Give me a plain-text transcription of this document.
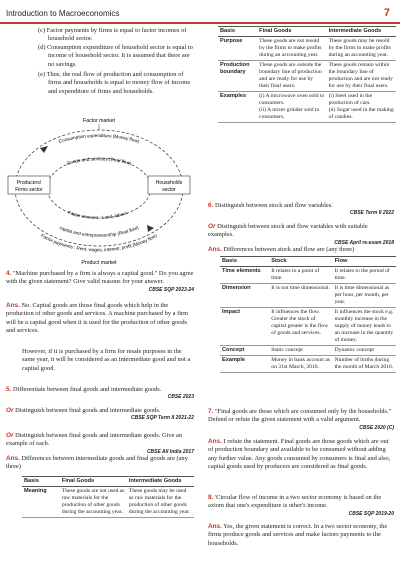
Introduction to Macroeconomics	7
(c) Factor payments by firms is equal to factor incomes of household sector.
(d) Consumption expenditure of household sector is equal to income of household sector. It is assumed that there are no savings.
(e) Thus, the real flow of production and consumption of firms and households is equal to money flow of income and expenditure of firms and households.
Producers/
Firms sector
Households
sector
Factor market
Consumption expenditure (Money flow)
Goods and services (Real flow)
Factor services : Land, labour,
capital and entrepreneurship (Real flow)
Factor payments : Rent, wages, interest, profit (Money flow)
Product market
4. "Machine purchased by a firm is always a capital good." Do you agree with the given statement? Give valid reasons for your answer.
CBSE SQP 2023-24
Ans. No. Capital goods are those final goods which help in the production of other goods and services. A machine purchased by a firm will be a capital good when it is used for the production of other goods and services.
However, if it is purchased by a firm for resale purposes in the same year, it will be considered as an intermediate good and not a capital good.
5. Differentiate between final goods and intermediate goods.
CBSE 2023
Or Distinguish between final goods and intermediate goods.
CBSE SQP Term II 2021-22
Or Distinguish between final goods and intermediate goods. Give an example of each.
CBSE All India 2017
Ans. Differences between intermediate goods and final goods are (any three)
Basis	Final Goods	Intermediate Goods
Meaning	These goods are not used as raw materials for the production of other goods during the accounting year.	These goods may be used as raw materials for the production of other goods during the accounting year.
Basis	Final Goods	Intermediate Goods
Purpose	These goods are not resold by the firms to make profits during an accounting year.	These goods may be resold by the firms to make profits during an accounting year.
Production boundary	These goods are outside the boundary line of production and are ready for use by their final users.	These goods remain within the boundary line of production and are not ready for use by their final users.
Examples	(i) A microwave oven sold to consumers.
(ii) A mixer grinder sold to consumers.	(i) Steel used in the production of cars.
(ii) Sugar used in the making of candies.
6. Distinguish between stock and flow variables.
CBSE Term II 2022
Or Distinguish between stock and flow variables with suitable examples.
CBSE April re-exam 2018
Ans. Differences between stock and flow are (any three)
Basis	Stock	Flow
Time elements	It relates to a point of time.	It relates to the period of time.
Dimension	It is not time dimensional.	It is time dimensional as per hour, per month, per year.
Impact	It influences the flow. Greater the stock of capital greater is the flow of goods and services.	It influences the stock e.g. monthly increase in the supply of money leads to an increase in the quantity of money.
Concept	Static concept	Dynamic concept
Example	Money in bank account as on 31st March, 2016.	Number of births during the month of March 2016.
7. "Final goods are those which are consumed only by the households." Defend or refute the given statement with a valid argument.
CBSE 2020 (C)
Ans. I refute the statement. Final goods are those goods which are out of production boundary and available to be consumed without adding any further value. Any goods consumed by consumers is final and also, capital goods used by producers are considered as final goods.
8. 'Circular flow of income in a two sector economy is based on the axiom that one's expenditure is other's income.
CBSE SQP 2019-20
Ans. Yes, the given statement is correct. In a two sector economy, the firms produce goods and services and make factors payments to the households.
